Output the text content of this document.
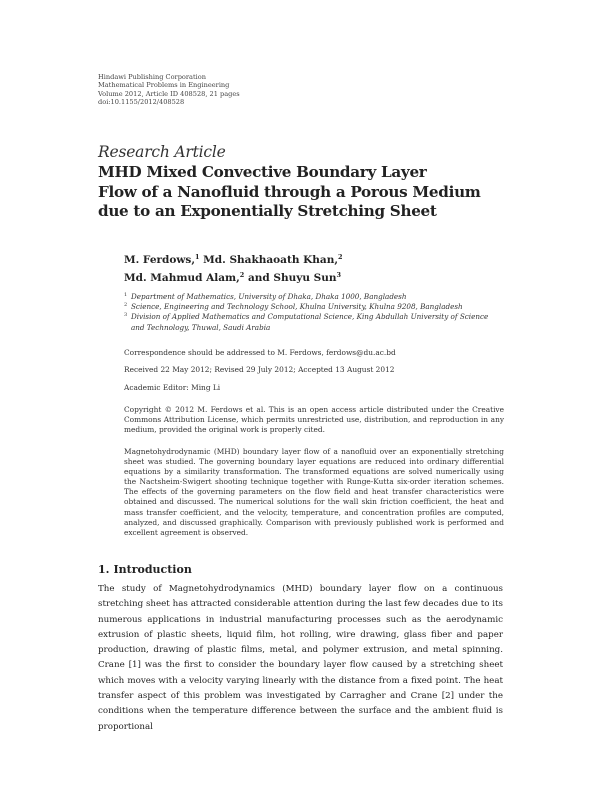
Hindawi Publishing Corporation
Mathematical Problems in Engineering
Volume 2012, Article ID 408528, 21 pages
doi:10.1155/2012/408528
Research Article
MHD Mixed Convective Boundary Layer
Flow of a Nanofluid through a Porous Medium
due to an Exponentially Stretching Sheet
M. Ferdows,$^1$ Md. Shakhaoath Khan,$^2$
Md. Mahmud Alam,$^2$ and Shuyu Sun$^3$
1 Department of Mathematics, University of Dhaka, Dhaka 1000, Bangladesh
2 Science, Engineering and Technology School, Khulna University, Khulna 9208, Bangladesh
3 Division of Applied Mathematics and Computational Science, King Abdullah University of Science and Technology, Thuwal, Saudi Arabia
Correspondence should be addressed to M. Ferdows, ferdows@du.ac.bd
Received 22 May 2012; Revised 29 July 2012; Accepted 13 August 2012
Academic Editor: Ming Li

Copyright © 2012 M. Ferdows et al. This is an open access article distributed under the Creative Commons Attribution License, which permits unrestricted use, distribution, and reproduction in any medium, provided the original work is properly cited.

Magnetohydrodynamic (MHD) boundary layer flow of a nanofluid over an exponentially stretching sheet was studied. The governing boundary layer equations are reduced into ordinary differential equations by a similarity transformation. The transformed equations are solved numerically using the Nactsheim-Swigert shooting technique together with Runge-Kutta six-order iteration schemes. The effects of the governing parameters on the flow field and heat transfer characteristics were obtained and discussed. The numerical solutions for the wall skin friction coefficient, the heat and mass transfer coefficient, and the velocity, temperature, and concentration profiles are computed, analyzed, and discussed graphically. Comparison with previously published work is performed and excellent agreement is observed.

1. Introduction

The study of Magnetohydrodynamics (MHD) boundary layer flow on a continuous stretching sheet has attracted considerable attention during the last few decades due to its numerous applications in industrial manufacturing processes such as the aerodynamic extrusion of plastic sheets, liquid film, hot rolling, wire drawing, glass fiber and paper production, drawing of plastic films, metal, and polymer extrusion, and metal spinning. Crane [1] was the first to consider the boundary layer flow caused by a stretching sheet which moves with a velocity varying linearly with the distance from a fixed point. The heat transfer aspect of this problem was investigated by Carragher and Crane [2] under the conditions when the temperature difference between the surface and the ambient fluid is proportional
